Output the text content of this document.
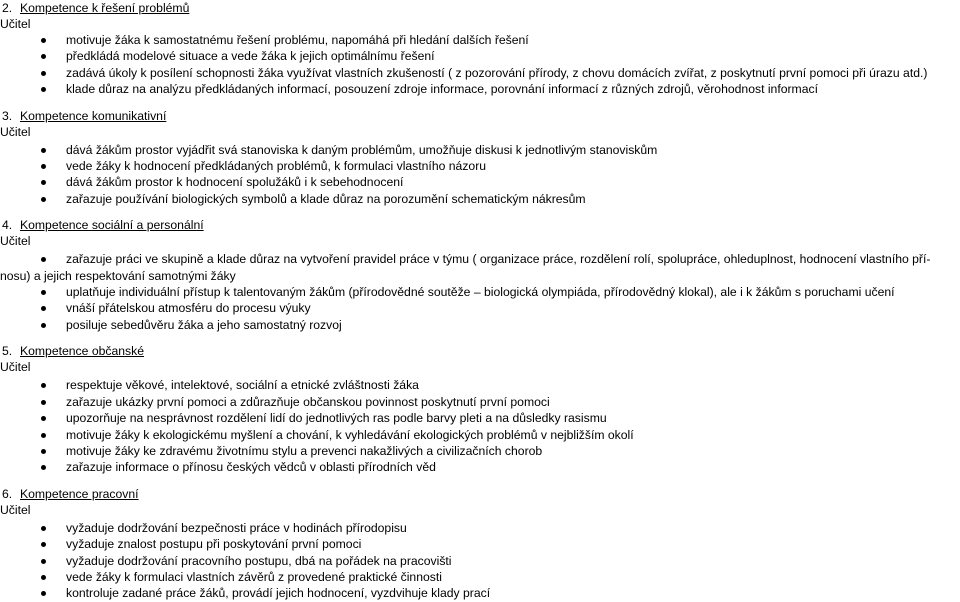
2. Kompetence k řešení problémů
Učitel
motivuje žáka k samostatnému řešení problému, napomáhá při hledání dalších řešení
předkládá modelové situace a vede žáka k jejich optimálnímu řešení
zadává úkoly k posílení schopnosti žáka využívat vlastních zkušeností ( z pozorování přírody, z chovu domácích zvířat, z poskytnutí první pomoci při úrazu atd.)
klade důraz na analýzu předkládaných informací, posouzení zdroje informace, porovnání informací z různých zdrojů, věrohodnost informací
3. Kompetence komunikativní
Učitel
dává žákům prostor vyjádřit svá stanoviska k daným problémům, umožňuje diskusi k jednotlivým stanoviskům
vede žáky k hodnocení předkládaných problémů, k formulaci vlastního názoru
dává žákům prostor k hodnocení spolužáků i k sebehodnocení
zařazuje používání biologických symbolů a klade důraz na porozumění schematickým nákresům
4. Kompetence sociální a personální
Učitel
zařazuje práci ve skupině a klade důraz na vytvoření pravidel práce v týmu ( organizace práce, rozdělení rolí, spolupráce, ohleduplnost, hodnocení vlastního pří-
nosu) a jejich respektování samotnými žáky
uplatňuje individuální přístup k talentovaným žákům (přírodovědné soutěže – biologická olympiáda, přírodovědný klokal), ale i k žákům s poruchami učení
vnáší přátelskou atmosféru do procesu výuky
posiluje sebedůvěru žáka a jeho samostatný rozvoj
5. Kompetence občanské
Učitel
respektuje věkové, intelektové, sociální a etnické zvláštnosti žáka
zařazuje ukázky první pomoci a zdůrazňuje občanskou povinnost poskytnutí první pomoci
upozorňuje na nesprávnost rozdělení lidí do jednotlivých ras podle barvy pleti a na důsledky rasismu
motivuje žáky k ekologickému myšlení a chování, k vyhledávání ekologických problémů v nejbližším okolí
motivuje žáky ke zdravému životnímu stylu a prevenci nakažlivých a civilizačních chorob
zařazuje informace o přínosu českých vědců v oblasti přírodních věd
6. Kompetence pracovní
Učitel
vyžaduje dodržování bezpečnosti práce v hodinách přírodopisu
vyžaduje znalost postupu při poskytování první pomoci
vyžaduje dodržování pracovního postupu, dbá na pořádek na pracovišti
vede žáky k formulaci vlastních závěrů z provedené praktické činnosti
kontroluje zadané práce žáků, provádí jejich hodnocení, vyzdvihuje klady prací
